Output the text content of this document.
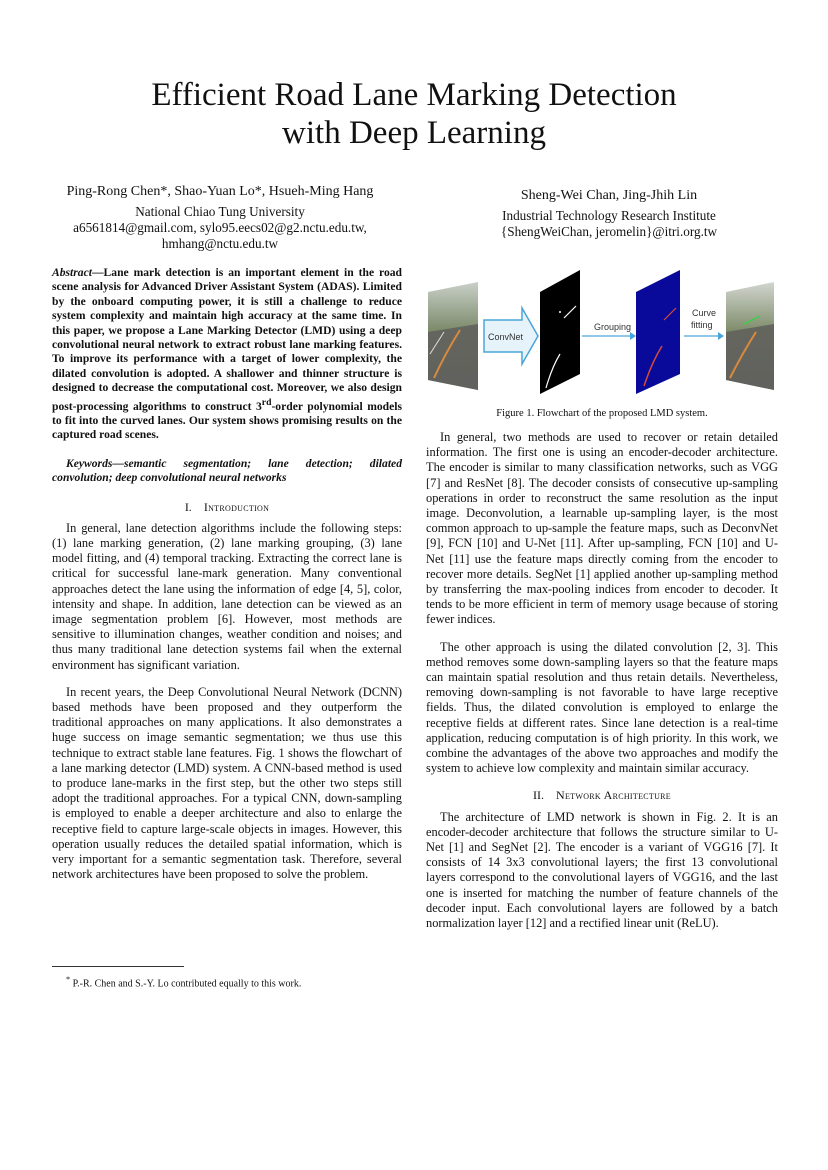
Efficient Road Lane Marking Detection
with Deep Learning
Ping-Rong Chen*, Shao-Yuan Lo*, Hsueh-Ming Hang
National Chiao Tung University
a6561814@gmail.com, sylo95.eecs02@g2.nctu.edu.tw,
hmhang@nctu.edu.tw
Sheng-Wei Chan, Jing-Jhih Lin
Industrial Technology Research Institute
{ShengWeiChan, jeromelin}@itri.org.tw
Abstract—Lane mark detection is an important element in the road scene analysis for Advanced Driver Assistant System (ADAS). Limited by the onboard computing power, it is still a challenge to reduce system complexity and maintain high accuracy at the same time. In this paper, we propose a Lane Marking Detector (LMD) using a deep convolutional neural network to extract robust lane marking features. To improve its performance with a target of lower complexity, the dilated convolution is adopted. A shallower and thinner structure is designed to decrease the computational cost. Moreover, we also design post-processing algorithms to construct 3rd-order polynomial models to fit into the curved lanes. Our system shows promising results on the captured road scenes.
Keywords—semantic segmentation; lane detection; dilated convolution; deep convolutional neural networks
I. Introduction

In general, lane detection algorithms include the following steps: (1) lane marking generation, (2) lane marking grouping, (3) lane model fitting, and (4) temporal tracking. Extracting the correct lane is critical for successful lane-mark generation. Many conventional approaches detect the lane using the information of edge [4, 5], color, intensity and shape. In addition, lane detection can be viewed as an image segmentation problem [6]. However, most methods are sensitive to illumination changes, weather condition and noises; and thus many traditional lane detection systems fail when the external environment has significant variation.

In recent years, the Deep Convolutional Neural Network (DCNN) based methods have been proposed and they outperform the traditional approaches on many applications. It also demonstrates a huge success on image semantic segmentation; we thus use this technique to extract stable lane features. Fig. 1 shows the flowchart of a lane marking detector (LMD) system. A CNN-based method is used to produce lane-marks in the first step, but the other two steps still adopt the traditional approaches. For a typical CNN, down-sampling is employed to enable a deeper architecture and also to enlarge the receptive field to capture large-scale objects in images. However, this operation usually reduces the detailed spatial information, which is very important for a semantic segmentation task. Therefore, several network architectures have been proposed to solve the problem.

* P.-R. Chen and S.-Y. Lo contributed equally to this work.
ConvNet
Grouping
Curve
fitting
Figure 1. Flowchart of the proposed LMD system.

In general, two methods are used to recover or retain detailed information. The first one is using an encoder-decoder architecture. The encoder is similar to many classification networks, such as VGG [7] and ResNet [8]. The decoder consists of consecutive up-sampling operations in order to reconstruct the same resolution as the input image. Deconvolution, a learnable up-sampling layer, is the most common approach to up-sample the feature maps, such as DeconvNet [9], FCN [10] and U-Net [11]. After up-sampling, FCN [10] and U-Net [11] use the feature maps directly coming from the encoder to recover more details. SegNet [1] applied another up-sampling method by transferring the max-pooling indices from encoder to decoder. It tends to be more efficient in term of memory usage because of storing fewer indices.

The other approach is using the dilated convolution [2, 3]. This method removes some down-sampling layers so that the feature maps can maintain spatial resolution and thus retain details. Nevertheless, removing down-sampling is not favorable to have large receptive fields. Thus, the dilated convolution is employed to enlarge the receptive fields at different rates. Since lane detection is a real-time application, reducing computation is of high priority. In this work, we combine the advantages of the above two approaches and modify the system to achieve low complexity and maintain similar accuracy.

II. Network Architecture

The architecture of LMD network is shown in Fig. 2. It is an encoder-decoder architecture that follows the structure similar to U-Net [1] and SegNet [2]. The encoder is a variant of VGG16 [7]. It consists of 14 3x3 convolutional layers; the first 13 convolutional layers correspond to the convolutional layers of VGG16, and the last one is inserted for matching the number of feature channels of the decoder input. Each convolutional layers are followed by a batch normalization layer [12] and a rectified linear unit (ReLU).
